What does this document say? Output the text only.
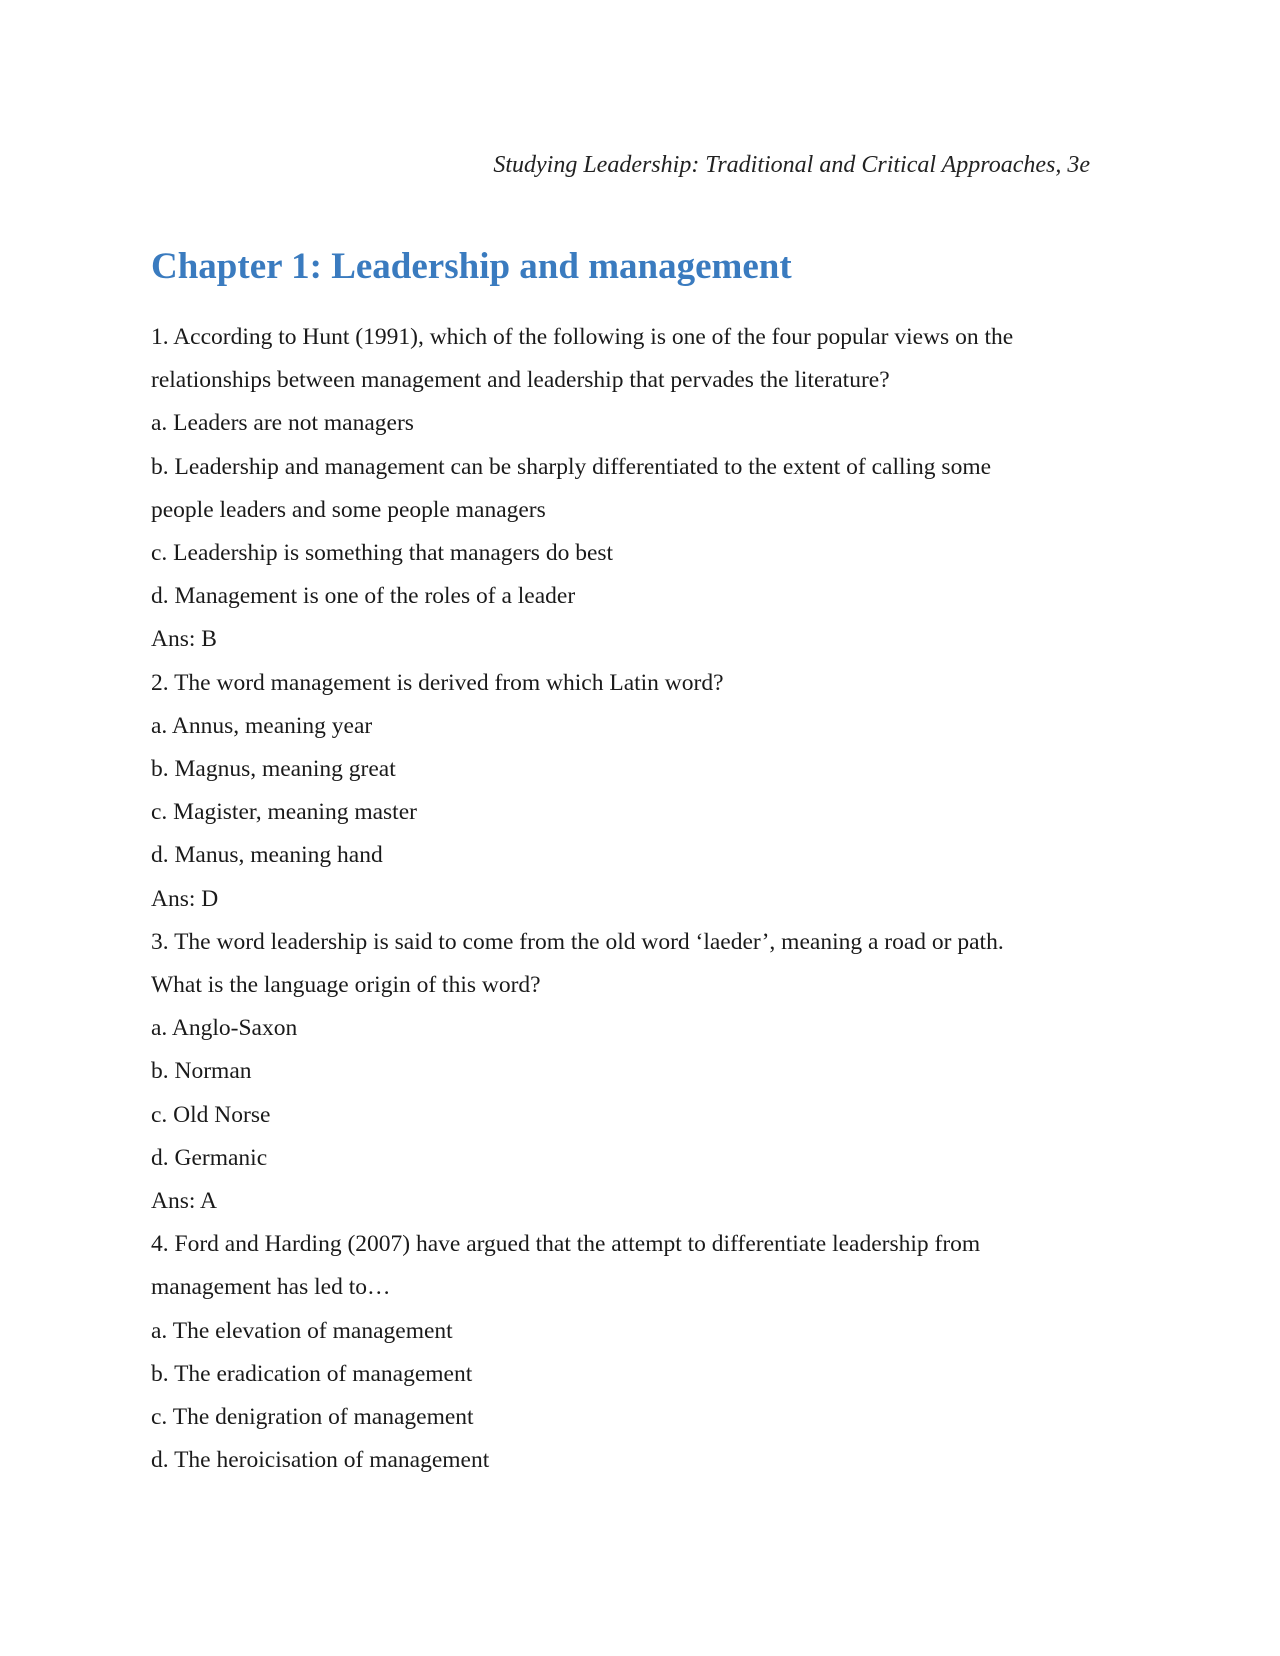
Studying Leadership: Traditional and Critical Approaches, 3e
Chapter 1: Leadership and management

1. According to Hunt (1991), which of the following is one of the four popular views on the

relationships between management and leadership that pervades the literature?

a. Leaders are not managers

b. Leadership and management can be sharply differentiated to the extent of calling some

people leaders and some people managers

c. Leadership is something that managers do best

d. Management is one of the roles of a leader

Ans: B

2. The word management is derived from which Latin word?

a. Annus, meaning year

b. Magnus, meaning great

c. Magister, meaning master

d. Manus, meaning hand

Ans: D

3. The word leadership is said to come from the old word ‘laeder’, meaning a road or path.

What is the language origin of this word?

a. Anglo-Saxon

b. Norman

c. Old Norse

d. Germanic

Ans: A

4. Ford and Harding (2007) have argued that the attempt to differentiate leadership from

management has led to…

a. The elevation of management

b. The eradication of management

c. The denigration of management

d. The heroicisation of management
